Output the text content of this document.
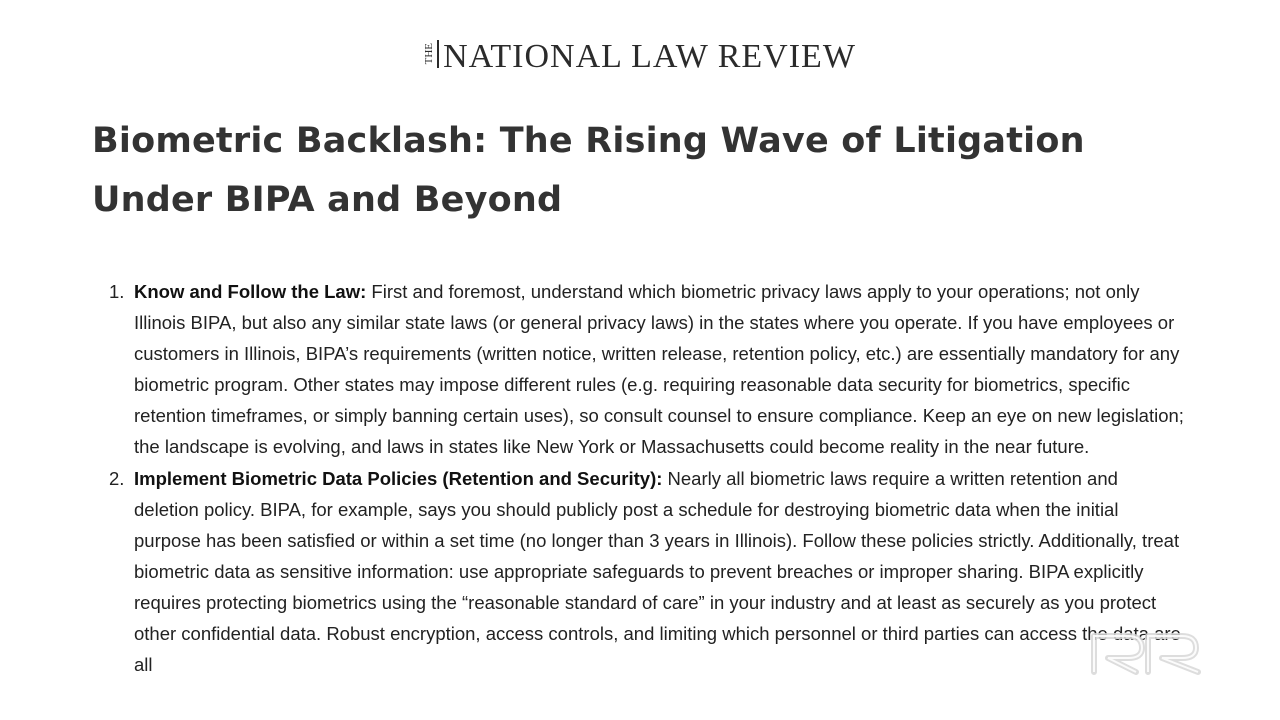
THE NATIONAL LAW REVIEW
Biometric Backlash: The Rising Wave of Litigation Under BIPA and Beyond
1. Know and Follow the Law: First and foremost, understand which biometric privacy laws apply to your operations; not only Illinois BIPA, but also any similar state laws (or general privacy laws) in the states where you operate. If you have employees or customers in Illinois, BIPA’s requirements (written notice, written release, retention policy, etc.) are essentially mandatory for any biometric program. Other states may impose different rules (e.g. requiring reasonable data security for biometrics, specific retention timeframes, or simply banning certain uses), so consult counsel to ensure compliance. Keep an eye on new legislation; the landscape is evolving, and laws in states like New York or Massachusetts could become reality in the near future.
2. Implement Biometric Data Policies (Retention and Security): Nearly all biometric laws require a written retention and deletion policy. BIPA, for example, says you should publicly post a schedule for destroying biometric data when the initial purpose has been satisfied or within a set time (no longer than 3 years in Illinois). Follow these policies strictly. Additionally, treat biometric data as sensitive information: use appropriate safeguards to prevent breaches or improper sharing. BIPA explicitly requires protecting biometrics using the “reasonable standard of care” in your industry and at least as securely as you protect other confidential data. Robust encryption, access controls, and limiting which personnel or third parties can access the data are all
